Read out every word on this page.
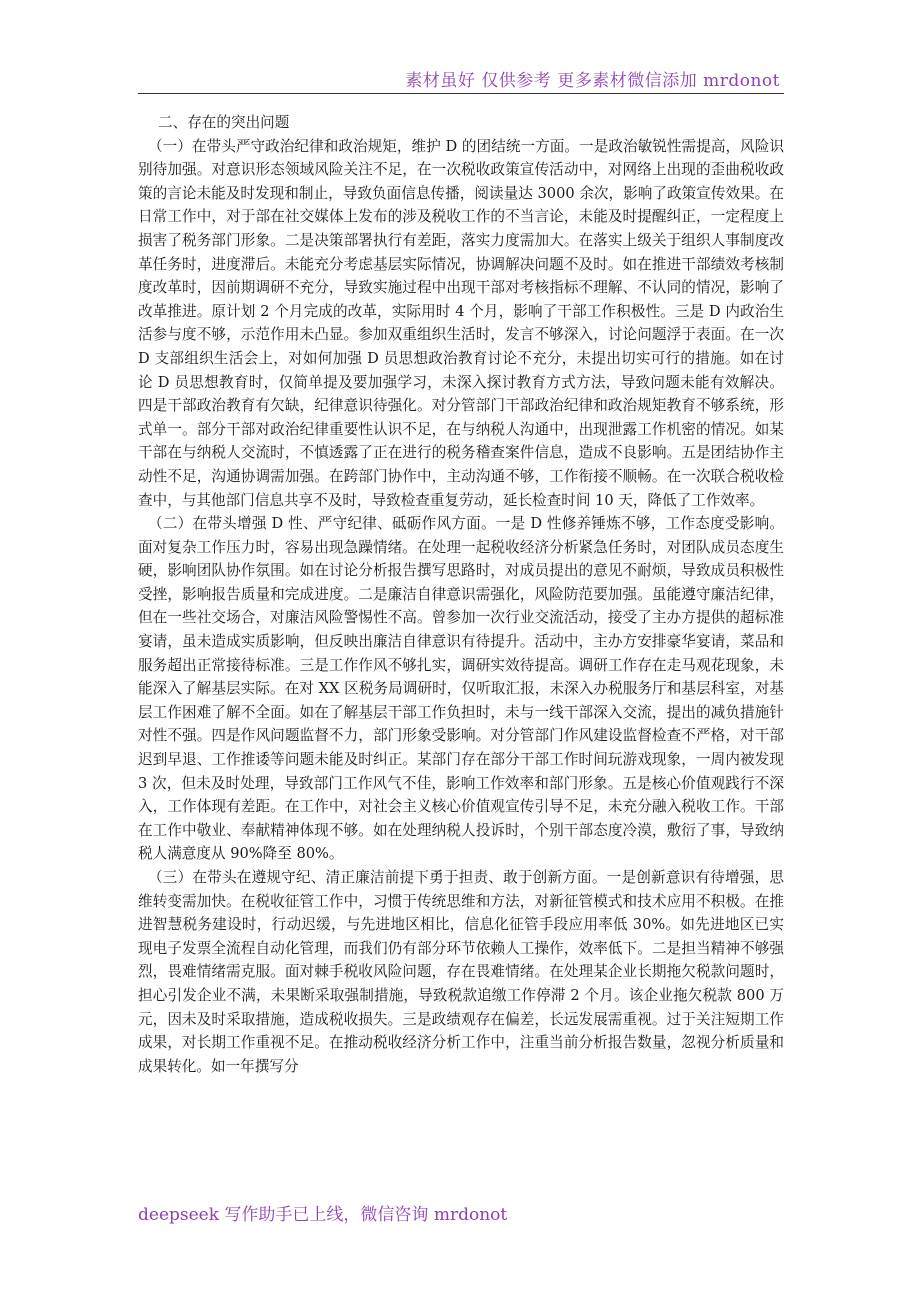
素材虽好 仅供参考 更多素材微信添加 mrdonot

二、存在的突出问题

（一）在带头严守政治纪律和政治规矩，维护 D 的团结统一方面。一是政治敏锐性需提高，风险识别待加强。对意识形态领域风险关注不足，在一次税收政策宣传活动中，对网络上出现的歪曲税收政策的言论未能及时发现和制止，导致负面信息传播，阅读量达 3000 余次，影响了政策宣传效果。在日常工作中，对于部在社交媒体上发布的涉及税收工作的不当言论，未能及时提醒纠正，一定程度上损害了税务部门形象。二是决策部署执行有差距，落实力度需加大。在落实上级关于组织人事制度改革任务时，进度滞后。未能充分考虑基层实际情况，协调解决问题不及时。如在推进干部绩效考核制度改革时，因前期调研不充分，导致实施过程中出现干部对考核指标不理解、不认同的情况，影响了改革推进。原计划 2 个月完成的改革，实际用时 4 个月，影响了干部工作积极性。三是 D 内政治生活参与度不够，示范作用未凸显。参加双重组织生活时，发言不够深入，讨论问题浮于表面。在一次 D 支部组织生活会上，对如何加强 D 员思想政治教育讨论不充分，未提出切实可行的措施。如在讨论 D 员思想教育时，仅简单提及要加强学习，未深入探讨教育方式方法，导致问题未能有效解决。四是干部政治教育有欠缺，纪律意识待强化。对分管部门干部政治纪律和政治规矩教育不够系统，形式单一。部分干部对政治纪律重要性认识不足，在与纳税人沟通中，出现泄露工作机密的情况。如某干部在与纳税人交流时，不慎透露了正在进行的税务稽查案件信息，造成不良影响。五是团结协作主动性不足，沟通协调需加强。在跨部门协作中，主动沟通不够，工作衔接不顺畅。在一次联合税收检查中，与其他部门信息共享不及时，导致检查重复劳动，延长检查时间 10 天，降低了工作效率。

（二）在带头增强 D 性、严守纪律、砥砺作风方面。一是 D 性修养锤炼不够，工作态度受影响。面对复杂工作压力时，容易出现急躁情绪。在处理一起税收经济分析紧急任务时，对团队成员态度生硬，影响团队协作氛围。如在讨论分析报告撰写思路时，对成员提出的意见不耐烦，导致成员积极性受挫，影响报告质量和完成进度。二是廉洁自律意识需强化，风险防范要加强。虽能遵守廉洁纪律，但在一些社交场合，对廉洁风险警惕性不高。曾参加一次行业交流活动，接受了主办方提供的超标准宴请，虽未造成实质影响，但反映出廉洁自律意识有待提升。活动中，主办方安排豪华宴请，菜品和服务超出正常接待标准。三是工作作风不够扎实，调研实效待提高。调研工作存在走马观花现象，未能深入了解基层实际。在对 XX 区税务局调研时，仅听取汇报，未深入办税服务厅和基层科室，对基层工作困难了解不全面。如在了解基层干部工作负担时，未与一线干部深入交流，提出的减负措施针对性不强。四是作风问题监督不力，部门形象受影响。对分管部门作风建设监督检查不严格，对干部迟到早退、工作推诿等问题未能及时纠正。某部门存在部分干部工作时间玩游戏现象，一周内被发现 3 次，但未及时处理，导致部门工作风气不佳，影响工作效率和部门形象。五是核心价值观践行不深入，工作体现有差距。在工作中，对社会主义核心价值观宣传引导不足，未充分融入税收工作。干部在工作中敬业、奉献精神体现不够。如在处理纳税人投诉时，个别干部态度冷漠，敷衍了事，导致纳税人满意度从 90%降至 80%。

（三）在带头在遵规守纪、清正廉洁前提下勇于担责、敢于创新方面。一是创新意识有待增强，思维转变需加快。在税收征管工作中，习惯于传统思维和方法，对新征管模式和技术应用不积极。在推进智慧税务建设时，行动迟缓，与先进地区相比，信息化征管手段应用率低 30%。如先进地区已实现电子发票全流程自动化管理，而我们仍有部分环节依赖人工操作，效率低下。二是担当精神不够强烈，畏难情绪需克服。面对棘手税收风险问题，存在畏难情绪。在处理某企业长期拖欠税款问题时，担心引发企业不满，未果断采取强制措施，导致税款追缴工作停滞 2 个月。该企业拖欠税款 800 万元，因未及时采取措施，造成税收损失。三是政绩观存在偏差，长远发展需重视。过于关注短期工作成果，对长期工作重视不足。在推动税收经济分析工作中，注重当前分析报告数量，忽视分析质量和成果转化。如一年撰写分

deepseek 写作助手已上线，微信咨询 mrdonot
